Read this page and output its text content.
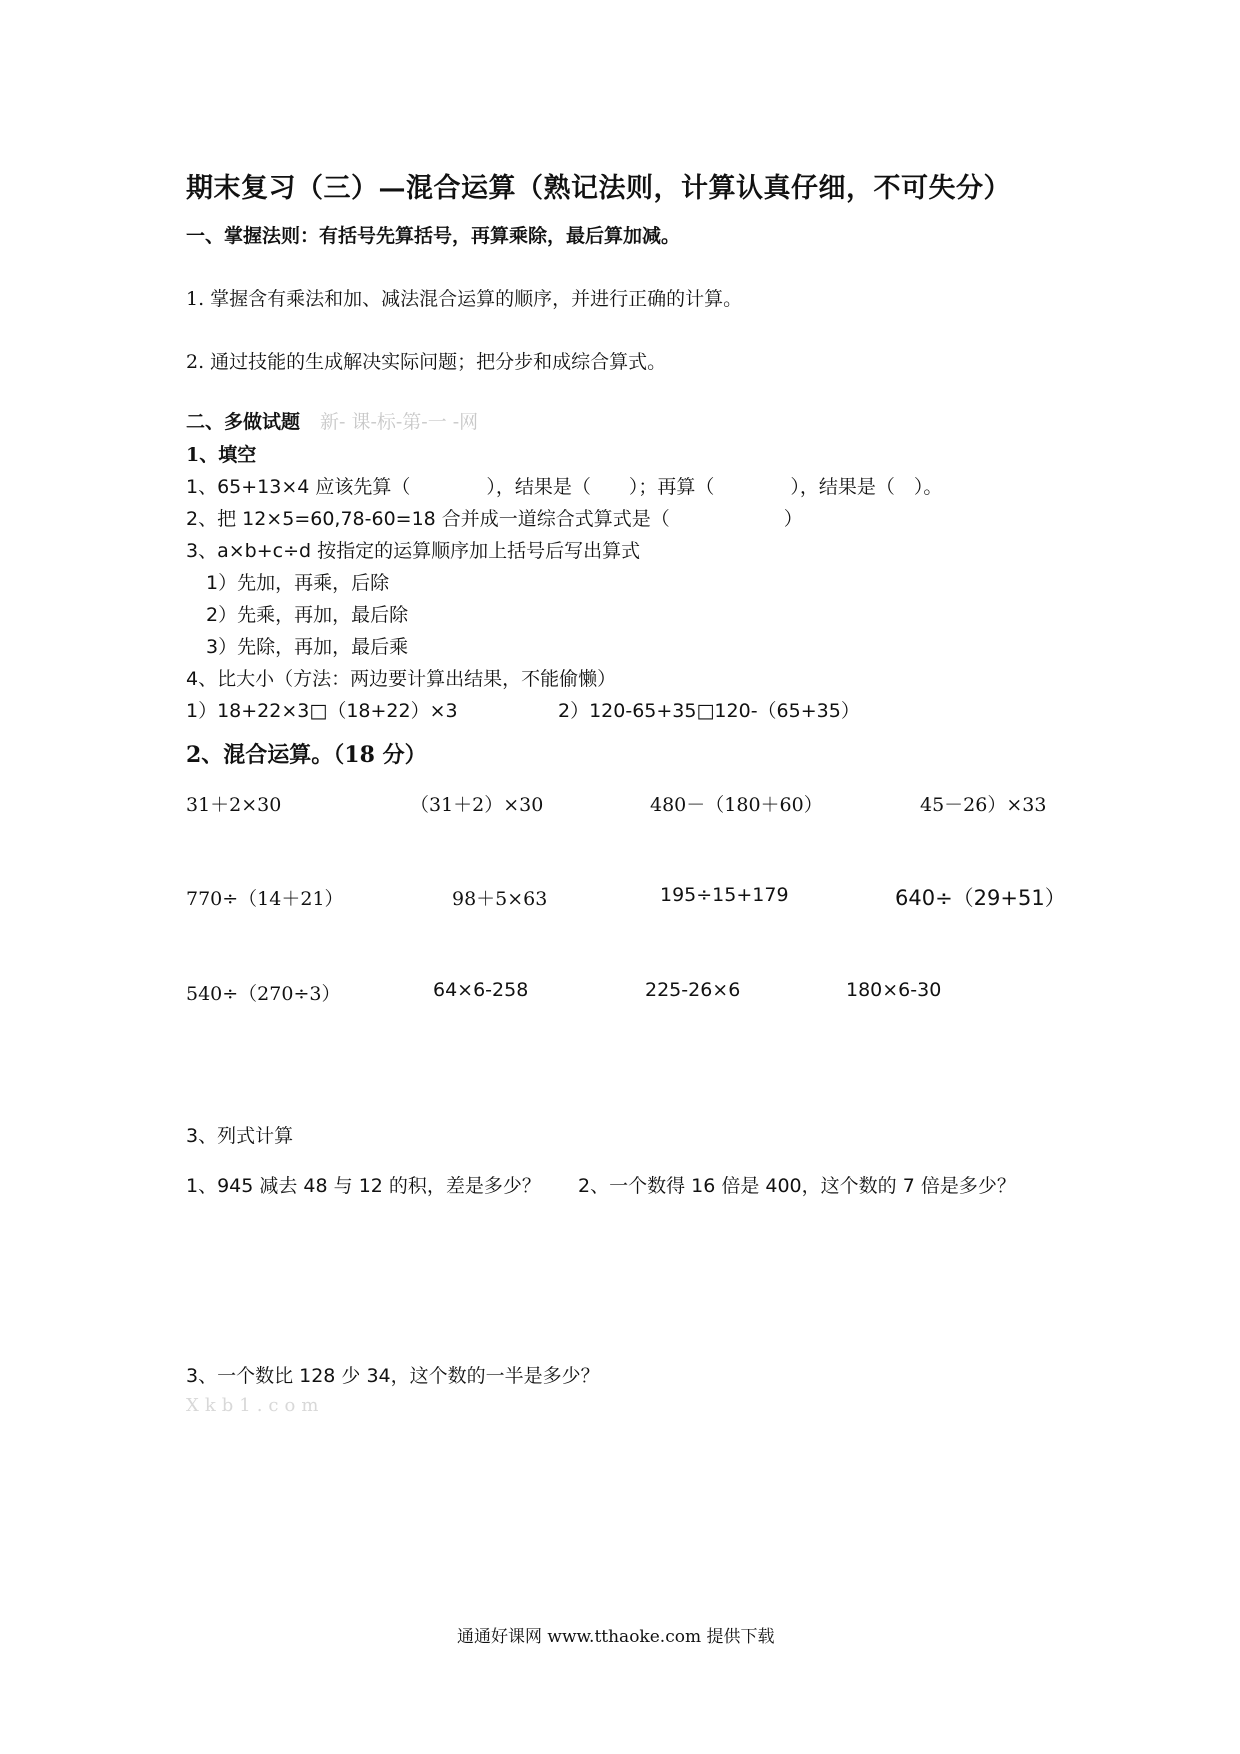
期末复习（三）—混合运算（熟记法则，计算认真仔细，不可失分）
一、掌握法则：有括号先算括号，再算乘除，最后算加减。
1. 掌握含有乘法和加、减法混合运算的顺序，并进行正确的计算。
2. 通过技能的生成解决实际问题；把分步和成综合算式。
二、多做试题 新- 课-标-第-一 -网
1、填空
1、65+13×4 应该先算（　　　　），结果是（　　）；再算（　　　　），结果是（　）。
2、把 12×5=60,78-60=18 合并成一道综合式算式是（　　　　　　）
3、a×b+c÷d 按指定的运算顺序加上括号后写出算式
1）先加，再乘，后除
2）先乘，再加，最后除
3）先除，再加，最后乘
4、比大小（方法：两边要计算出结果，不能偷懒）
1）18+22×3□（18+22）×3	2）120-65+35□120-（65+35）
2、混合运算。（18 分）
31＋2×30	（31＋2）×30	480－（180＋60）	45－26）×33
770÷（14＋21）	98＋5×63	195÷15+179	640÷（29+51）
540÷（270÷3）	64×6-258	225-26×6	180×6-30
3、列式计算
1、945 减去 48 与 12 的积，差是多少？ 2、一个数得 16 倍是 400，这个数的 7 倍是多少？
3、一个数比 128 少 34，这个数的一半是多少？
Xkb1.com
通通好课网 www.tthaoke.com 提供下载
